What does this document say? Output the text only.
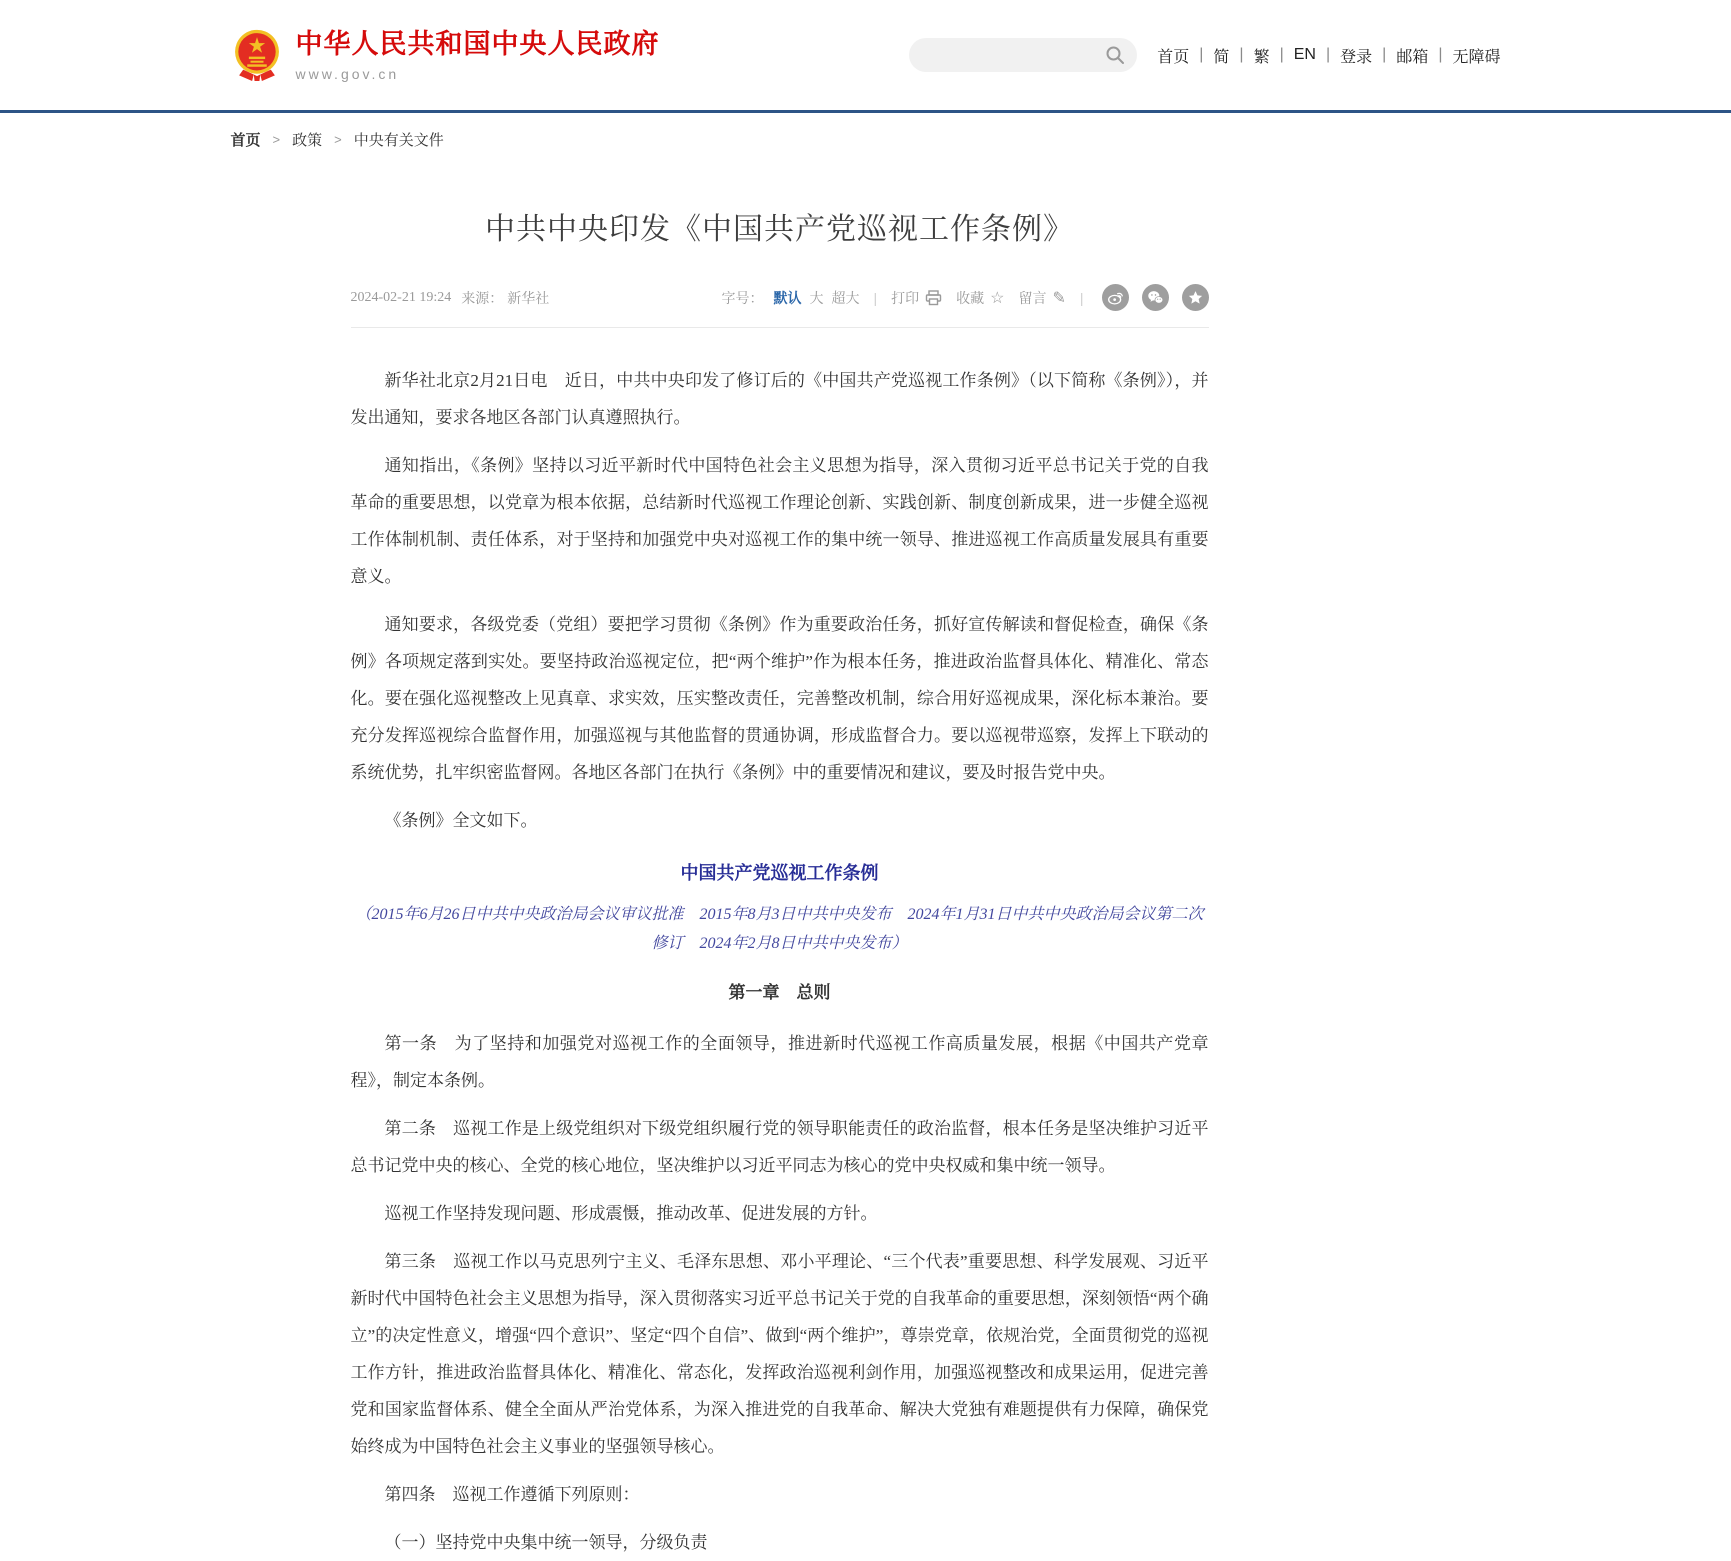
中华人民共和国中央人民政府
www.gov.cn
首页 | 简 | 繁 | EN | 登录 | 邮箱 | 无障碍
首页 > 政策 > 中央有关文件
中共中央印发《中国共产党巡视工作条例》
2024-02-21 19:24 来源： 新华社	字号： 默认 大 超大 | 打印	收藏 ☆ 留言 ✎ |

新华社北京2月21日电　近日，中共中央印发了修订后的《中国共产党巡视工作条例》（以下简称《条例》），并发出通知，要求各地区各部门认真遵照执行。

通知指出，《条例》坚持以习近平新时代中国特色社会主义思想为指导，深入贯彻习近平总书记关于党的自我革命的重要思想，以党章为根本依据，总结新时代巡视工作理论创新、实践创新、制度创新成果，进一步健全巡视工作体制机制、责任体系，对于坚持和加强党中央对巡视工作的集中统一领导、推进巡视工作高质量发展具有重要意义。

通知要求，各级党委（党组）要把学习贯彻《条例》作为重要政治任务，抓好宣传解读和督促检查，确保《条例》各项规定落到实处。要坚持政治巡视定位，把“两个维护”作为根本任务，推进政治监督具体化、精准化、常态化。要在强化巡视整改上见真章、求实效，压实整改责任，完善整改机制，综合用好巡视成果，深化标本兼治。要充分发挥巡视综合监督作用，加强巡视与其他监督的贯通协调，形成监督合力。要以巡视带巡察，发挥上下联动的系统优势，扎牢织密监督网。各地区各部门在执行《条例》中的重要情况和建议，要及时报告党中央。

《条例》全文如下。

中国共产党巡视工作条例

（2015年6月26日中共中央政治局会议审议批准　2015年8月3日中共中央发布　2024年1月31日中共中央政治局会议第二次修订　2024年2月8日中共中央发布）

第一章　总则

第一条　为了坚持和加强党对巡视工作的全面领导，推进新时代巡视工作高质量发展，根据《中国共产党章程》，制定本条例。

第二条　巡视工作是上级党组织对下级党组织履行党的领导职能责任的政治监督，根本任务是坚决维护习近平总书记党中央的核心、全党的核心地位，坚决维护以习近平同志为核心的党中央权威和集中统一领导。

巡视工作坚持发现问题、形成震慑，推动改革、促进发展的方针。

第三条　巡视工作以马克思列宁主义、毛泽东思想、邓小平理论、“三个代表”重要思想、科学发展观、习近平新时代中国特色社会主义思想为指导，深入贯彻落实习近平总书记关于党的自我革命的重要思想，深刻领悟“两个确立”的决定性意义，增强“四个意识”、坚定“四个自信”、做到“两个维护”，尊崇党章，依规治党，全面贯彻党的巡视工作方针，推进政治监督具体化、精准化、常态化，发挥政治巡视利剑作用，加强巡视整改和成果运用，促进完善党和国家监督体系、健全全面从严治党体系，为深入推进党的自我革命、解决大党独有难题提供有力保障，确保党始终成为中国特色社会主义事业的坚强领导核心。

第四条　巡视工作遵循下列原则：

（一）坚持党中央集中统一领导，分级负责
